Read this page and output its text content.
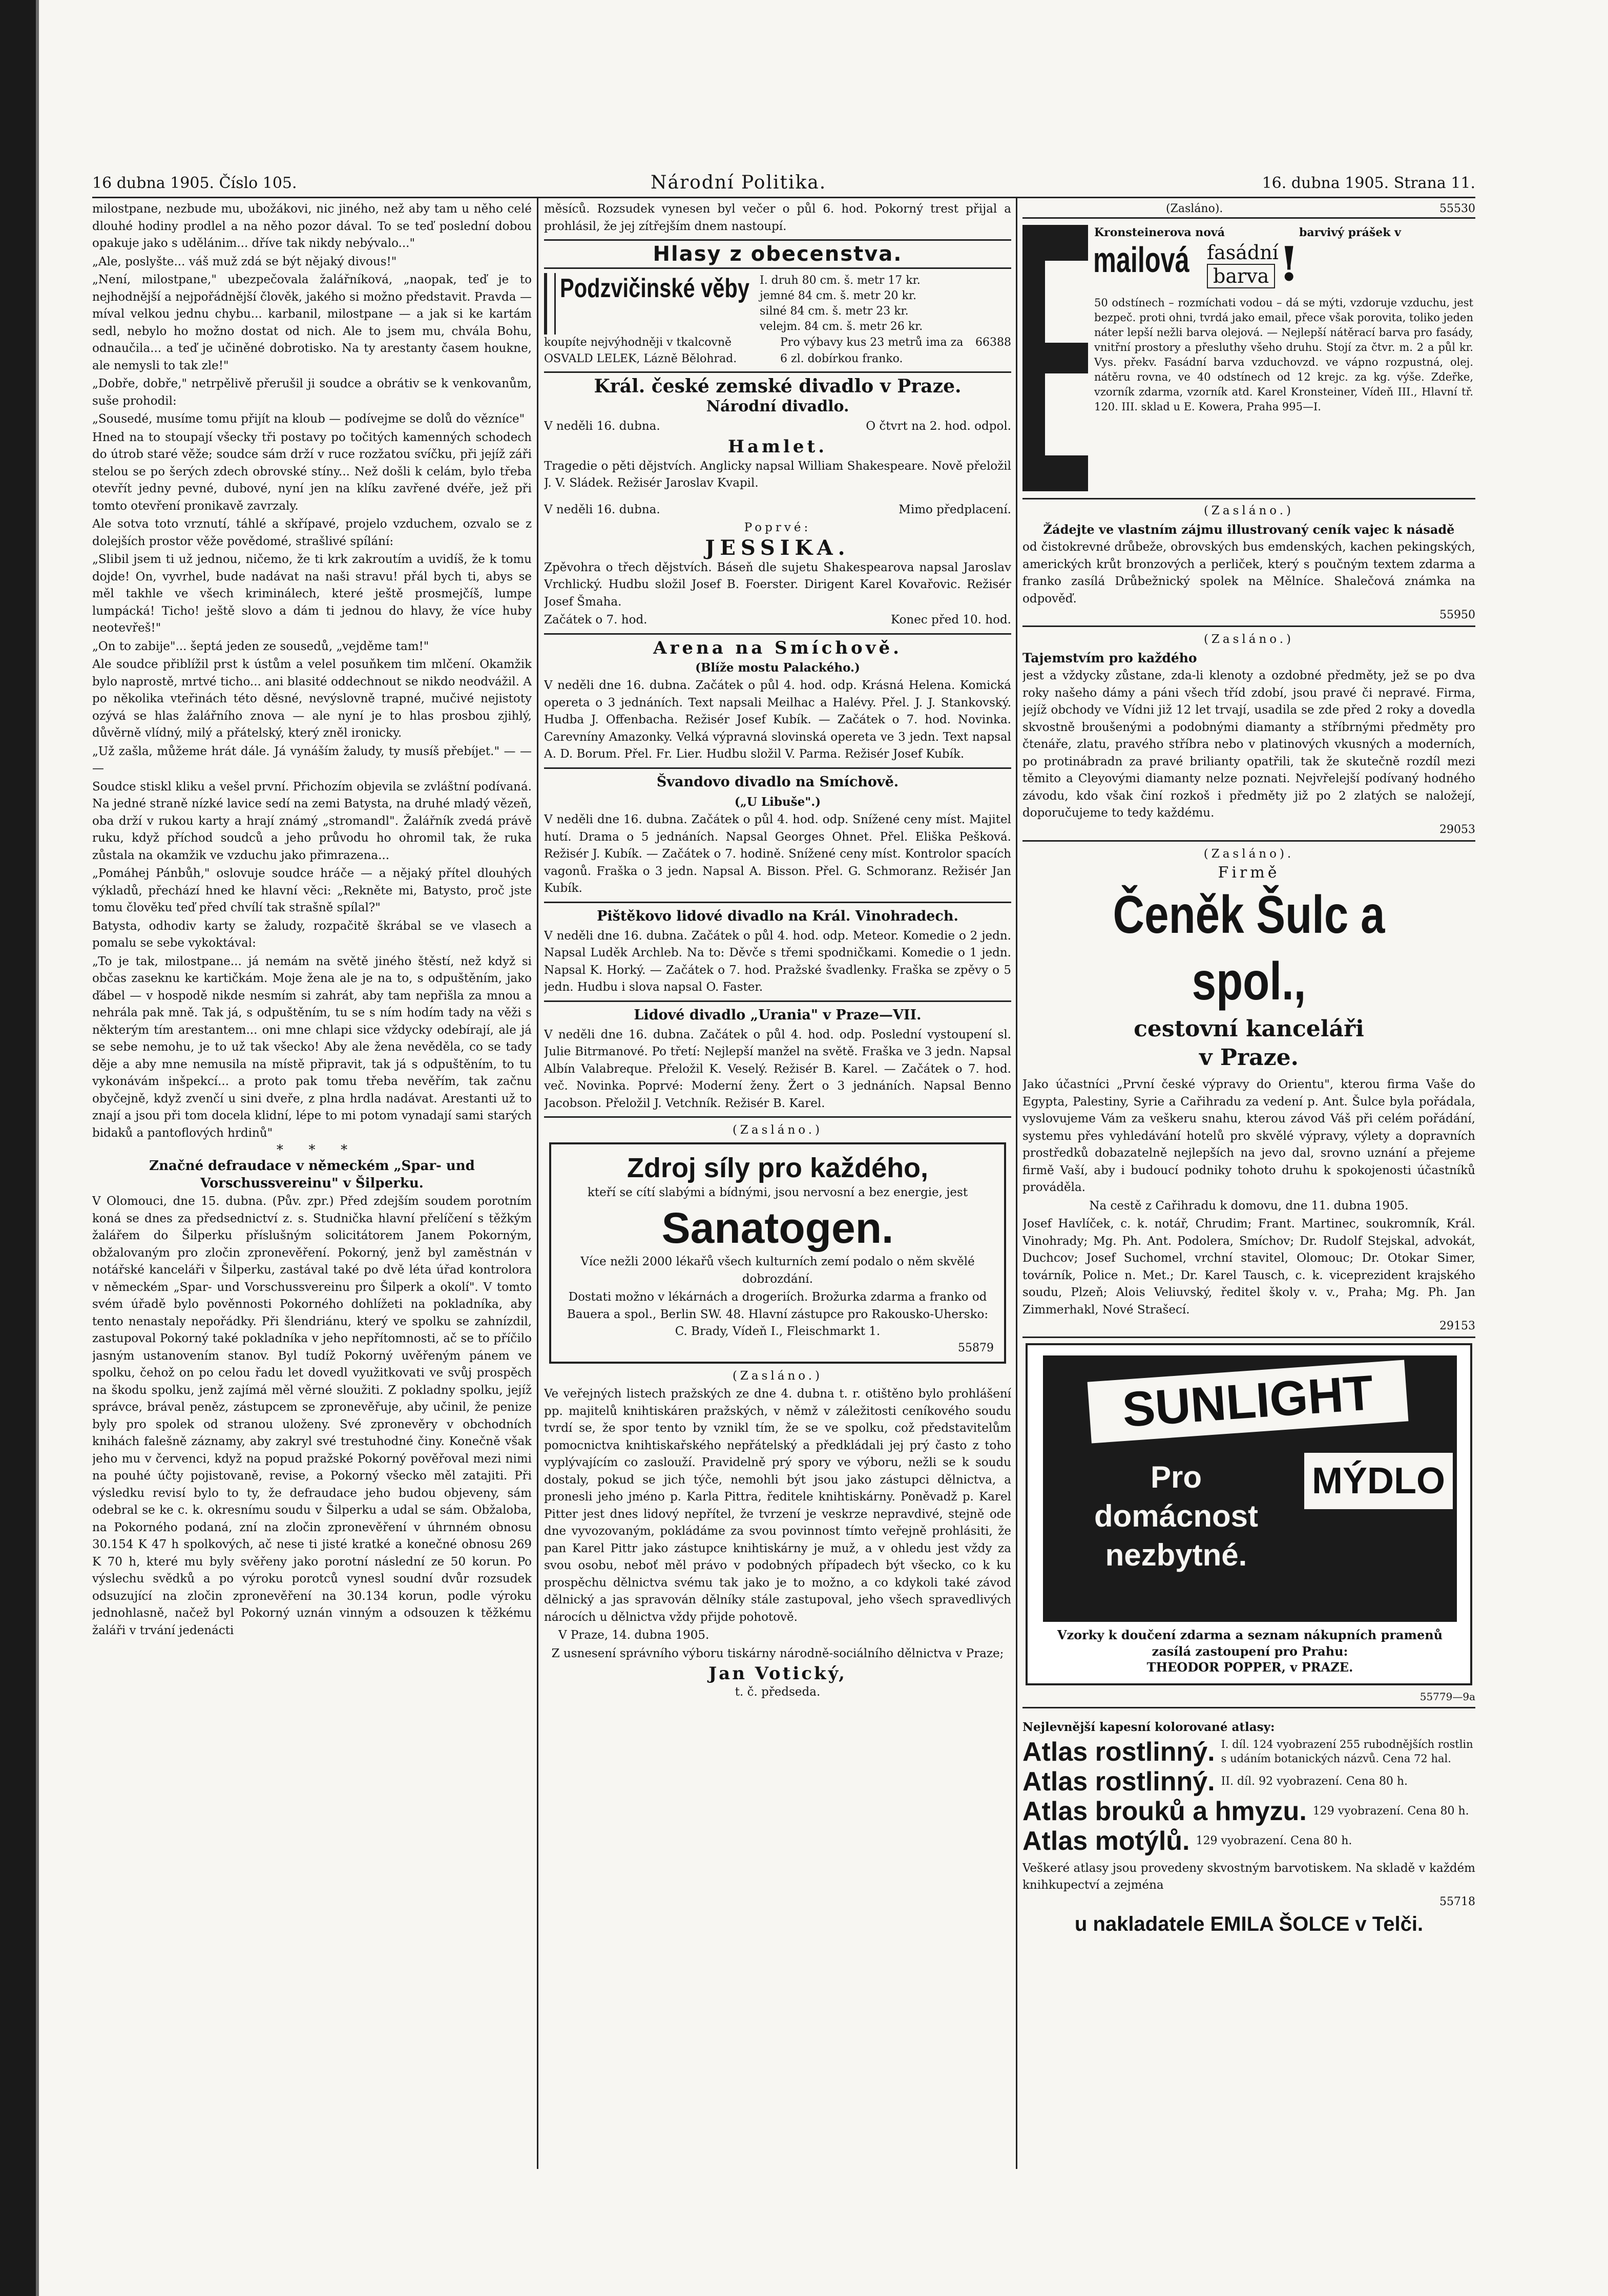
16 dubna 1905. Číslo 105.	Národní Politika.	16. dubna 1905. Strana 11.

milostpane, nezbude mu, ubožákovi, nic jiného, než aby tam u něho celé dlouhé hodiny prodlel a na něho pozor dával. To se teď poslední dobou opakuje jako s udělánim... dříve tak nikdy nebývalo..."

„Ale, poslyšte... váš muž zdá se být nějaký divous!"

„Není, milostpane," ubezpečovala žalářníková, „naopak, teď je to nejhodnější a nejpořádnější člověk, jakého si možno představit. Pravda — míval velkou jednu chybu... karbanil, milostpane — a jak si ke kartám sedl, nebylo ho možno dostat od nich. Ale to jsem mu, chvála Bohu, odnaučila... a teď je učiněné dobrotisko. Na ty arestanty časem houkne, ale nemysli to tak zle!"

„Dobře, dobře," netrpělivě přerušil ji soudce a obrátiv se k venkovanům, suše prohodil:

„Sousedé, musíme tomu přijít na kloub — podívejme se dolů do vězníce"

Hned na to stoupají všecky tři postavy po točitých kamenných schodech do útrob staré věže; soudce sám drží v ruce rozžatou svíčku, při jejíž záři stelou se po šerých zdech obrovské stíny... Než došli k celám, bylo třeba otevřít jedny pevné, dubové, nyní jen na klíku zavřené dvéře, jež při tomto otevření pronikavě zavrzaly.

Ale sotva toto vrznutí, táhlé a skřípavé, projelo vzduchem, ozvalo se z dolejších prostor věže povědomé, strašlivé spílání:

„Slibil jsem ti už jednou, ničemo, že ti krk zakroutím a uvidíš, že k tomu dojde! On, vyvrhel, bude nadávat na naši stravu! přál bych ti, abys se měl takhle ve všech kriminálech, které ještě prosmejčíš, lumpe lumpácká! Ticho! ještě slovo a dám ti jednou do hlavy, že více huby neotevřeš!"

„On to zabije"... šeptá jeden ze sousedů, „vejděme tam!"

Ale soudce přiblížil prst k ústům a velel posuňkem tim mlčení. Okamžik bylo naprostě, mrtvé ticho... ani blasité oddechnout se nikdo neodvážil. A po několika vteřinách této děsné, nevýslovně trapné, mučivé nejistoty ozývá se hlas žalářního znova — ale nyní je to hlas prosbou zjihlý, důvěrně vlídný, milý a přátelský, který zněl ironicky.

„Už zašla, můžeme hrát dále. Já vynáším žaludy, ty musíš přebíjet." — — —

Soudce stiskl kliku a vešel první. Přichozím objevila se zvláštní podívaná. Na jedné straně nízké lavice sedí na zemi Batysta, na druhé mladý vězeň, oba drží v rukou karty a hrají známý „stromandl". Žalářník zvedá právě ruku, když příchod soudců a jeho průvodu ho ohromil tak, že ruka zůstala na okamžik ve vzduchu jako přimrazena...

„Pomáhej Pánbůh," oslovuje soudce hráče — a nějaký přítel dlouhých výkladů, přechází hned ke hlavní věci: „Rekněte mi, Batysto, proč jste tomu člověku teď před chvílí tak strašně spílal?"

Batysta, odhodiv karty se žaludy, rozpačitě škrábal se ve vlasech a pomalu se sebe vykoktával:

„To je tak, milostpane... já nemám na světě jiného štěstí, než když si občas zaseknu ke kartičkám. Moje žena ale je na to, s odpuštěním, jako ďábel — v hospodě nikde nesmím si zahrát, aby tam nepřišla za mnou a nehrála pak mně. Tak já, s odpuštěním, tu se s ním hodím tady na věži s některým tím arestantem... oni mne chlapi sice vždycky odebírají, ale já se sebe nemohu, je to už tak všecko! Aby ale žena nevěděla, co se tady děje a aby mne nemusila na místě připravit, tak já s odpuštěním, to tu vykonávám inšpekcí... a proto pak tomu třeba nevěřím, tak začnu obyčejně, když zvenčí u sini dveře, z plna hrdla nadávat. Arestanti už to znají a jsou při tom docela klidní, lépe to mi potom vynadají sami starých bidaků a pantoflových hrdinů"

*      *      *

Značné defraudace v německém „Spar- und Vorschussvereinu" v Šilperku.

V Olomouci, dne 15. dubna. (Pův. zpr.) Před zdejším soudem porotním koná se dnes za předsednictví z. s. Studnička hlavní přelíčení s těžkým žalářem do Šilperku příslušným solicitátorem Janem Pokorným, obžalovaným pro zločin zpronevěření. Pokorný, jenž byl zaměstnán v notářské kanceláři v Šilperku, zastával také po dvě léta úřad kontrolora v německém „Spar- und Vorschussvereinu pro Šilperk a okolí". V tomto svém úřadě bylo pověnnosti Pokorného dohlížeti na pokladníka, aby tento nenastaly nepořádky. Při šlendriánu, který ve spolku se zahnízdil, zastupoval Pokorný také pokladníka v jeho nepřítomnosti, ač se to příčilo jasným ustanovením stanov. Byl tudíž Pokorný uvěřeným pánem ve spolku, čehož on po celou řadu let dovedl využitkovati ve svůj prospěch na škodu spolku, jenž zajímá měl věrné sloužiti. Z pokladny spolku, jejíž správce, brával peněz, zástupcem se zpronevěřuje, aby učinil, že penize byly pro spolek od stranou uloženy. Své zpronevěry v obchodních knihách falešně záznamy, aby zakryl své trestuhodné činy. Konečně však jeho mu v červenci, když na popud pražské Pokorný pověřoval mezi nimi na pouhé účty pojistovaně, revise, a Pokorný všecko měl zatajiti. Při výsledku revisí bylo to ty, že defraudace jeho budou objeveny, sám odebral se ke c. k. okresnímu soudu v Šilperku a udal se sám. Obžaloba, na Pokorného podaná, zní na zločin zpronevěření v úhrnném obnosu 30.154 K 47 h spolkových, ač nese ti jisté kratké a konečné obnosu 269 K 70 h, které mu byly svěřeny jako porotní následní ze 50 korun. Po výslechu svědků a po výroku porotců vynesl soudní dvůr rozsudek odsuzující na zločin zpronevěření na 30.134 korun, podle výroku jednohlasně, načež byl Pokorný uznán vinným a odsouzen k těžkému žaláři v trvání jedenácti

měsíců. Rozsudek vynesen byl večer o půl 6. hod. Pokorný trest přijal a prohlásil, že jej zítřejším dnem nastoupí.

Hlasy z obecenstva.
Podzvičinské věby I. druh 80 cm. š. metr 17 kr.
jemné 84 cm. š. metr 20 kr.
silné 84 cm. š. metr 23 kr.
velejm. 84 cm. š. metr 26 kr.
koupíte nejvýhodněji v tkalcovně OSVALD LELEK, Lázně Bělohrad.
Pro výbavy kus 23 metrů ima za 6 zl. dobírkou franko.
66388
Král. české zemské divadlo v Praze.
Národní divadlo.
V neděli 16. dubna.	O čtvrt na 2. hod. odpol.
Hamlet.

Tragedie o pěti dějstvích. Anglicky napsal William Shakespeare. Nově přeložil J. V. Sládek. Režisér Jaroslav Kvapil.

V neděli 16. dubna.	Mimo předplacení.
Poprvé:
JESSIKA.

Zpěvohra o třech dějstvích. Báseň dle sujetu Shakespearova napsal Jaroslav Vrchlický. Hudbu složil Josef B. Foerster. Dirigent Karel Kovařovic. Režisér Josef Šmaha.

Začátek o 7. hod.	Konec před 10. hod.
Arena na Smíchově.
(Blíže mostu Palackého.)

V neděli dne 16. dubna. Začátek o půl 4. hod. odp. Krásná Helena. Komická opereta o 3 jednáních. Text napsali Meilhac a Halévy. Přel. J. J. Stankovský. Hudba J. Offenbacha. Režisér Josef Kubík. — Začátek o 7. hod. Novinka. Carevníny Amazonky. Velká výpravná slovinská opereta ve 3 jedn. Text napsal A. D. Borum. Přel. Fr. Lier. Hudbu složil V. Parma. Režisér Josef Kubík.

Švandovo divadlo na Smíchově.
(„U Libuše".)

V neděli dne 16. dubna. Začátek o půl 4. hod. odp. Snížené ceny míst. Majitel hutí. Drama o 5 jednáních. Napsal Georges Ohnet. Přel. Eliška Pešková. Režisér J. Kubík. — Začátek o 7. hodině. Snížené ceny míst. Kontrolor spacích vagonů. Fraška o 3 jedn. Napsal A. Bisson. Přel. G. Schmoranz. Režisér Jan Kubík.

Pištěkovo lidové divadlo na Král. Vinohradech.

V neděli dne 16. dubna. Začátek o půl 4. hod. odp. Meteor. Komedie o 2 jedn. Napsal Luděk Archleb. Na to: Děvče s třemi spodničkami. Komedie o 1 jedn. Napsal K. Horký. — Začátek o 7. hod. Pražské švadlenky. Fraška se zpěvy o 5 jedn. Hudbu i slova napsal O. Faster.

Lidové divadlo „Urania" v Praze—VII.

V neděli dne 16. dubna. Začátek o půl 4. hod. odp. Poslední vystoupení sl. Julie Bitrmanové. Po třetí: Nejlepší manžel na světě. Fraška ve 3 jedn. Napsal Albín Valabreque. Přeložil K. Veselý. Režisér B. Karel. — Začátek o 7. hod. več. Novinka. Poprvé: Moderní ženy. Žert o 3 jednáních. Napsal Benno Jacobson. Přeložil J. Vetchník. Režisér B. Karel.

(Zasláno.)
Zdroj síly pro každého,
kteří se cítí slabými a bídnými, jsou nervosní a bez energie, jest
Sanatogen.
Více nežli 2000 lékařů všech kulturních zemí podalo o něm skvělé dobrozdání.
Dostati možno v lékárnách a drogeriích. Brožurka zdarma a franko od Bauera a spol., Berlin SW. 48. Hlavní zástupce pro Rakousko-Uhersko: C. Brady, Vídeň I., Fleischmarkt 1.
55879
(Zasláno.)

Ve veřejných listech pražských ze dne 4. dubna t. r. otištěno bylo prohlášení pp. majitelů knihtiskáren pražských, v němž v záležitosti ceníkového soudu tvrdí se, že spor tento by vznikl tím, že se ve spolku, což představitelům pomocnictva knihtiskařského nepřátelský a předkládali jej prý často z toho vyplývajícím co zaslouží. Pravidelně prý spory ve výboru, nežli se k soudu dostaly, pokud se jich týče, nemohli být jsou jako zástupci dělnictva, a pronesli jeho jméno p. Karla Pittra, ředitele knihtiskárny. Poněvadž p. Karel Pitter jest dnes lidový nepřítel, že tvrzení je veskrze nepravdivé, stejně ode dne vyvozovaným, pokládáme za svou povinnost tímto veřejně prohlásiti, že pan Karel Pittr jako zástupce knihtiskárny je muž, a v ohledu jest vždy za svou osobu, neboť měl právo v podobných případech být všecko, co k ku prospěchu dělnictva svému tak jako je to možno, a co kdykoli také závod dělnický a jas spravován dělníky stále zastupoval, jeho všech spravedlivých nárocích u dělnictva vždy přijde pohotově.

V Praze, 14. dubna 1905.

Z usnesení správního výboru tiskárny národně-sociálního dělnictva v Praze;

Jan Votický,
t. č. předseda.
(Zasláno).	55530
Kronsteinerova nová	barvivý prášek v
mailová fasádní
barva !
50 odstínech – rozmíchati vodou – dá se mýti, vzdoruje vzduchu, jest bezpeč. proti ohni, tvrdá jako email, přece však porovita, toliko jeden náter lepší nežli barva olejová. — Nejlepší nátěrací barva pro fasády, vnitřní prostory a přesluthy všeho druhu. Stojí za čtvr. m. 2 a půl kr. Vys. překv. Fasádní barva vzduchovzd. ve vápno rozpustná, olej. nátěru rovna, ve 40 odstínech od 12 krejc. za kg. výše. Zdeřke, vzorník zdarma, vzorník atd. Karel Kronsteiner, Vídeň III., Hlavní tř. 120. III. sklad u E. Kowera, Praha 995—I.
(Zasláno.)

Žádejte ve vlastním zájmu illustrovaný ceník vajec k násadě

od čistokrevné drůbeže, obrovských bus emdenských, kachen pekingských, amerických krůt bronzových a perliček, který s poučným textem zdarma a franko zasílá Drůbežnický spolek na Mělníce. Shalečová známka na odpověď.

55950
(Zasláno.)

Tajemstvím pro každého

jest a vždycky zůstane, zda-li klenoty a ozdobné předměty, jež se po dva roky našeho dámy a páni všech tříd zdobí, jsou pravé či nepravé. Firma, jejíž obchody ve Vídni již 12 let trvají, usadila se zde před 2 roky a dovedla skvostně broušenými a podobnými diamanty a stříbrnými předměty pro čtenáře, zlatu, pravého stříbra nebo v platinových vkusných a moderních, po protinábradn za pravé brilianty opatřili, tak že skutečně rozdíl mezi těmito a Cleyovými diamanty nelze poznati. Nejvřelejší podívaný hodného závodu, kdo však činí rozkoš i předměty již po 2 zlatých se naložejí, doporučujeme to tedy každému.

29053
(Zasláno).
Firmě
Čeněk Šulc a spol.,
cestovní kanceláři
v Praze.

Jako účastníci „První české výpravy do Orientu", kterou firma Vaše do Egypta, Palestiny, Syrie a Cařihradu za vedení p. Ant. Šulce byla pořádala, vyslovujeme Vám za veškeru snahu, kterou závod Váš při celém pořádání, systemu přes vyhledávání hotelů pro skvělé výpravy, výlety a dopravních prostředků dobazatelně nejlepších na jevo dal, srovno uznání a přejeme firmě Vaší, aby i budoucí podniky tohoto druhu k spokojenosti účastníků prováděla.

Na cestě z Cařihradu k domovu, dne 11. dubna 1905.

Josef Havlíček, c. k. notář, Chrudim; Frant. Martinec, soukromník, Král. Vinohrady; Mg. Ph. Ant. Podolera, Smíchov; Dr. Rudolf Stejskal, advokát, Duchcov; Josef Suchomel, vrchní stavitel, Olomouc; Dr. Otokar Simer, továrník, Police n. Met.; Dr. Karel Tausch, c. k. viceprezident krajského soudu, Plzeň; Alois Veliuvský, ředitel školy v. v., Praha; Mg. Ph. Jan Zimmerhakl, Nové Strašecí.

29153
SUNLIGHT
MÝDLO
Pro domácnost nezbytné.
Vzorky k doučení zdarma a seznam nákupních pramenů zasílá zastoupení pro Prahu:
THEODOR POPPER, v PRAZE.
55779—9a

Nejlevnější kapesní kolorované atlasy:

Atlas rostlinný. I. díl. 124 vyobrazení 255 rubodnějších rostlin s udáním botanických názvů. Cena 72 hal.
Atlas rostlinný. II. díl. 92 vyobrazení. Cena 80 h.
Atlas brouků a hmyzu. 129 vyobrazení. Cena 80 h.
Atlas motýlů. 129 vyobrazení. Cena 80 h.

Veškeré atlasy jsou provedeny skvostným barvotiskem. Na skladě v každém knihkupectví a zejména

55718
u nakladatele EMILA ŠOLCE v Telči.
